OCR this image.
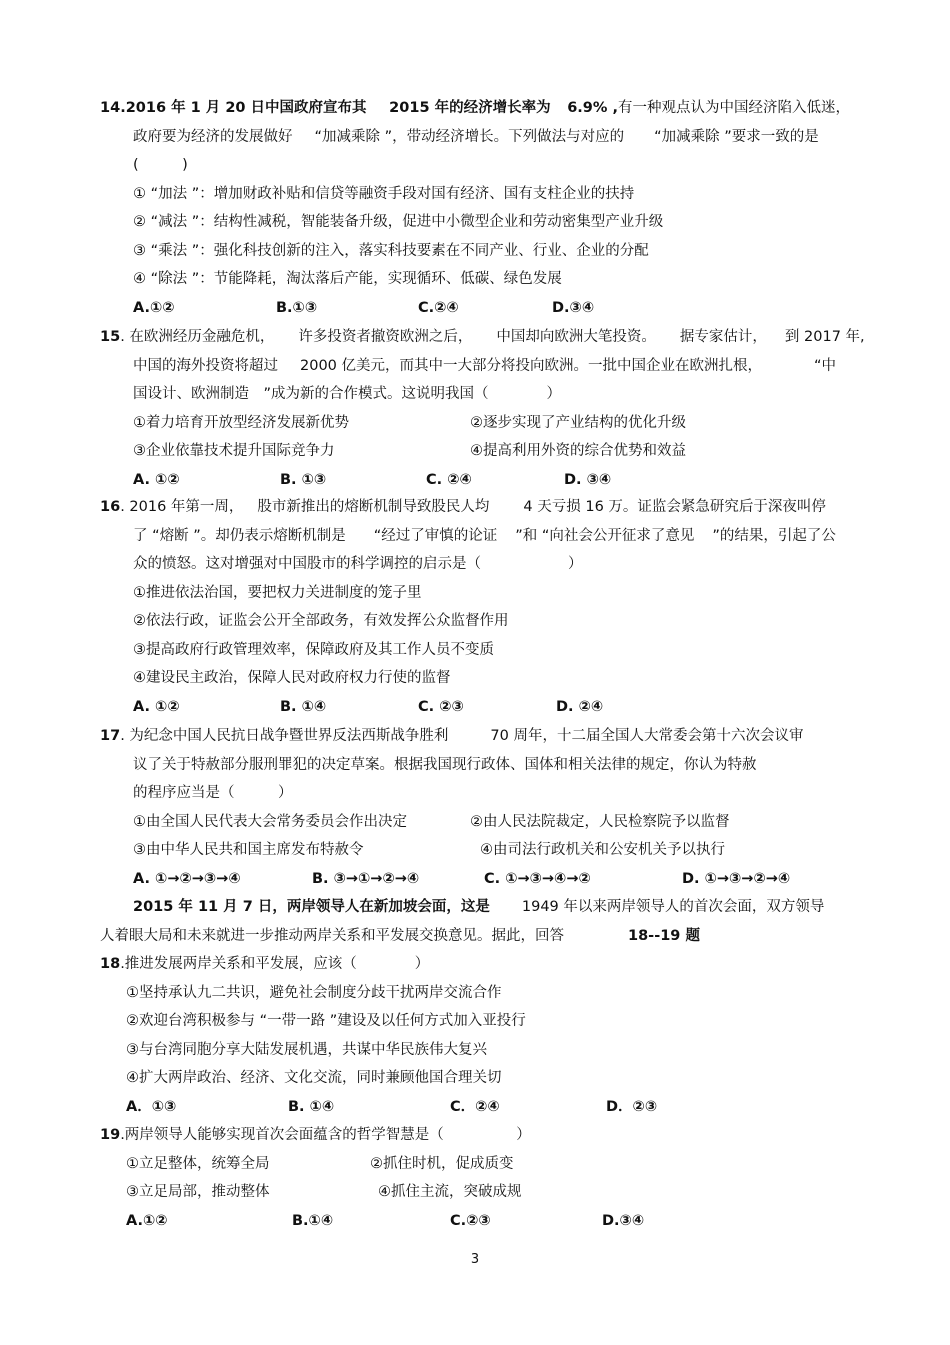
14.2016 年 1 月 20 日中国政府宣布其 2015 年的经济增长率为 6.9% ,有一种观点认为中国经济陷入低迷，
政府要为经济的发展做好 “加减乘除 ”，带动经济增长。下列做法与对应的 “加减乘除 ”要求一致的是
(　　　)
① “加法 ”：增加财政补贴和信贷等融资手段对国有经济、国有支柱企业的扶持
② “减法 ”：结构性减税，智能装备升级，促进中小微型企业和劳动密集型产业升级
③ “乘法 ”：强化科技创新的注入，落实科技要素在不同产业、行业、企业的分配
④ “除法 ”：节能降耗，淘汰落后产能，实现循环、低碳、绿色发展
A.①②	B.①③	C.②④	D.③④
15. 在欧洲经历金融危机， 许多投资者撤资欧洲之后， 中国却向欧洲大笔投资。 据专家估计， 到 2017 年,
中国的海外投资将超过 2000 亿美元，而其中一大部分将投向欧洲。一批中国企业在欧洲扎根，	“中
国设计、欧洲制造　”成为新的合作模式。这说明我国（　　　　）
①着力培育开放型经济发展新优势	②逐步实现了产业结构的优化升级
③企业依靠技术提升国际竞争力	④提高利用外资的综合优势和效益
A. ①②	B. ①③	C. ②④	D. ③④
16. 2016 年第一周， 股市新推出的熔断机制导致股民人均 4 天亏损 16 万。证监会紧急研究后于深夜叫停
了 “熔断 ”。却仍表示熔断机制是 “经过了审慎的论证 ”和 “向社会公开征求了意见 ”的结果，引起了公
众的愤怒。这对增强对中国股市的科学调控的启示是（　　　　　　）
①推进依法治国，要把权力关进制度的笼子里
②依法行政，证监会公开全部政务，有效发挥公众监督作用
③提高政府行政管理效率，保障政府及其工作人员不变质
④建设民主政治，保障人民对政府权力行使的监督
A. ①②	B. ①④	C. ②③	D. ②④
17. 为纪念中国人民抗日战争暨世界反法西斯战争胜利	70 周年，十二届全国人大常委会第十六次会议审
议了关于特赦部分服刑罪犯的决定草案。根据我国现行政体、国体和相关法律的规定，你认为特赦
的程序应当是（　　　）
①由全国人民代表大会常务委员会作出决定	②由人民法院裁定，人民检察院予以监督
③由中华人民共和国主席发布特赦令	④由司法行政机关和公安机关予以执行
A. ①→②→③→④	B. ③→①→②→④	C. ①→③→④→②	D. ①→③→②→④
2015 年 11 月 7 日，两岸领导人在新加坡会面，这是 1949 年以来两岸领导人的首次会面，双方领导
人着眼大局和未来就进一步推动两岸关系和平发展交换意见。据此，回答	18--19 题
18.推进发展两岸关系和平发展，应该（　　　　）
①坚持承认九二共识，避免社会制度分歧干扰两岸交流合作
②欢迎台湾积极参与 “一带一路 ”建设及以任何方式加入亚投行
③与台湾同胞分享大陆发展机遇，共谋中华民族伟大复兴
④扩大两岸政治、经济、文化交流，同时兼顾他国合理关切
A．①③	B. ①④	C．②④	D．②③
19.两岸领导人能够实现首次会面蕴含的哲学智慧是（　　　　　）
①立足整体，统筹全局	②抓住时机，促成质变
③立足局部，推动整体	④抓住主流，突破成规
A.①②	B.①④	C.②③	D.③④
3
